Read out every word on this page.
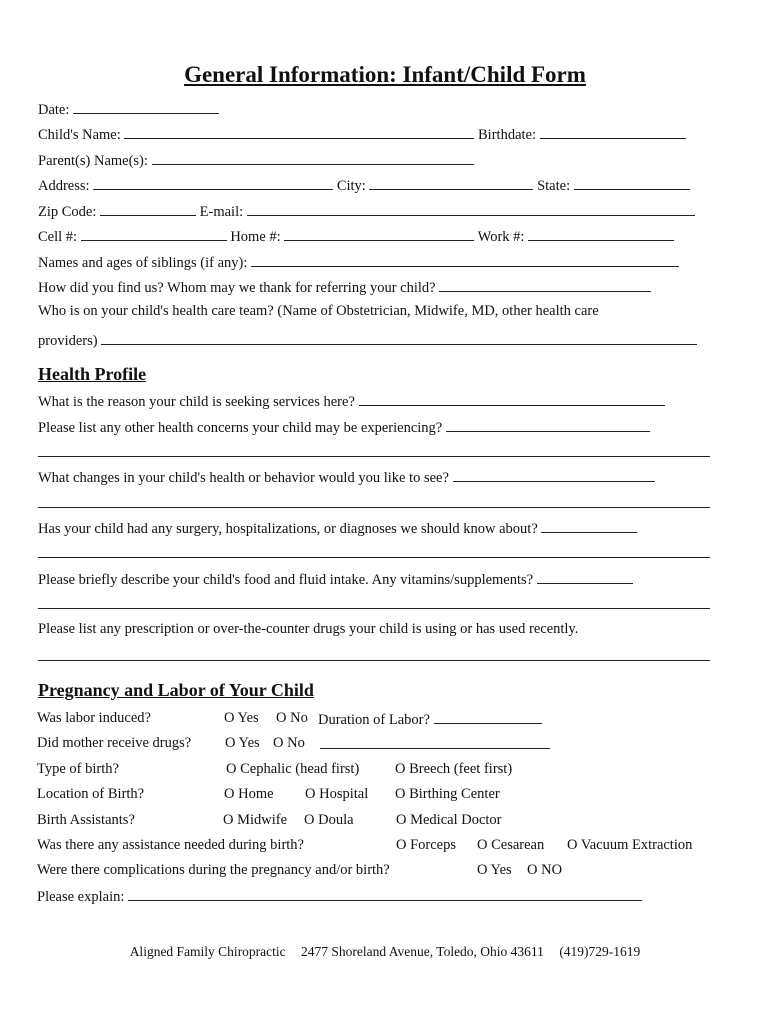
General Information: Infant/Child Form
Date:
Child's Name:	Birthdate:
Parent(s) Name(s):
Address:	City:	State:
Zip Code:	E-mail:
Cell #:	Home #:	Work #:
Names and ages of siblings (if any):
How did you find us? Whom may we thank for referring your child?
Who is on your child's health care team? (Name of Obstetrician, Midwife, MD, other health care
providers)
Health Profile
What is the reason your child is seeking services here?
Please list any other health concerns your child may be experiencing?
What changes in your child's health or behavior would you like to see?
Has your child had any surgery, hospitalizations, or diagnoses we should know about?
Please briefly describe your child's food and fluid intake. Any vitamins/supplements?
Please list any prescription or over-the-counter drugs your child is using or has used recently.
Pregnancy and Labor of Your Child
Was labor induced?	O Yes O No Duration of Labor?
Did mother receive drugs? O Yes O No
Type of birth?	O Cephalic (head first) O Breech (feet first)
Location of Birth?	O Home O Hospital O Birthing Center
Birth Assistants?	O Midwife O Doula	O Medical Doctor
Was there any assistance needed during birth?	O Forceps O Cesarean O Vacuum Extraction
Were there complications during the pregnancy and/or birth?	O Yes O NO
Please explain:
Aligned Family Chiropractic 2477 Shoreland Avenue, Toledo, Ohio 43611 (419)729-1619
